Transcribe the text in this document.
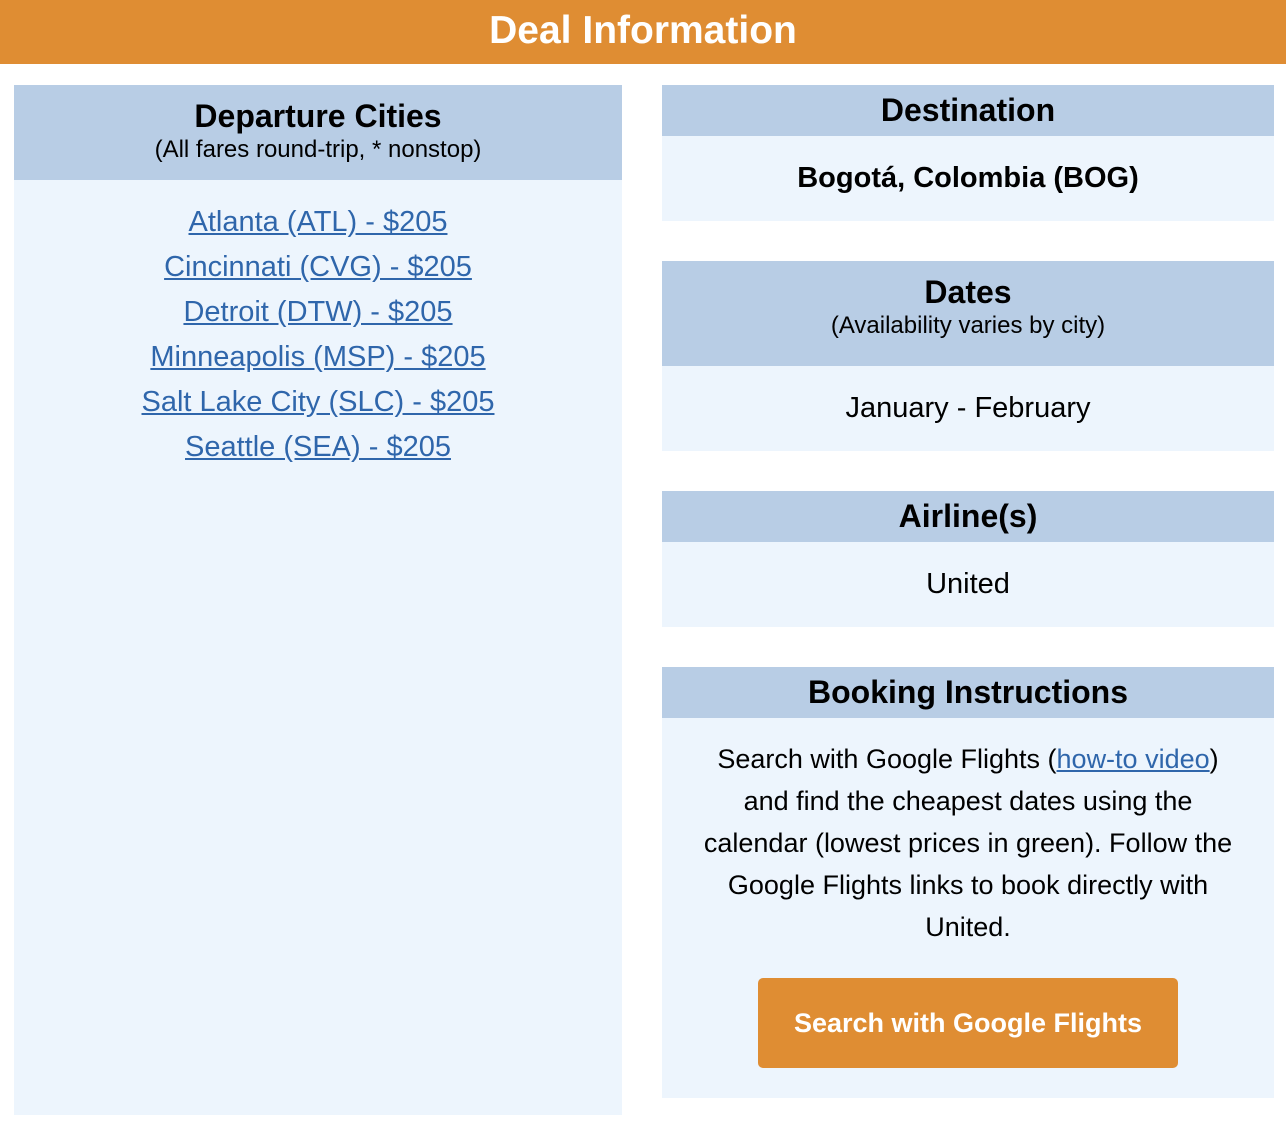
Deal Information
Departure Cities
(All fares round-trip, * nonstop)
Atlanta (ATL) - $205
Cincinnati (CVG) - $205
Detroit (DTW) - $205
Minneapolis (MSP) - $205
Salt Lake City (SLC) - $205
Seattle (SEA) - $205
Destination
Bogotá, Colombia (BOG)
Dates
(Availability varies by city)
January - February
Airline(s)
United
Booking Instructions
Search with Google Flights (how-to video) and find the cheapest dates using the calendar (lowest prices in green). Follow the Google Flights links to book directly with United.
Search with Google Flights
